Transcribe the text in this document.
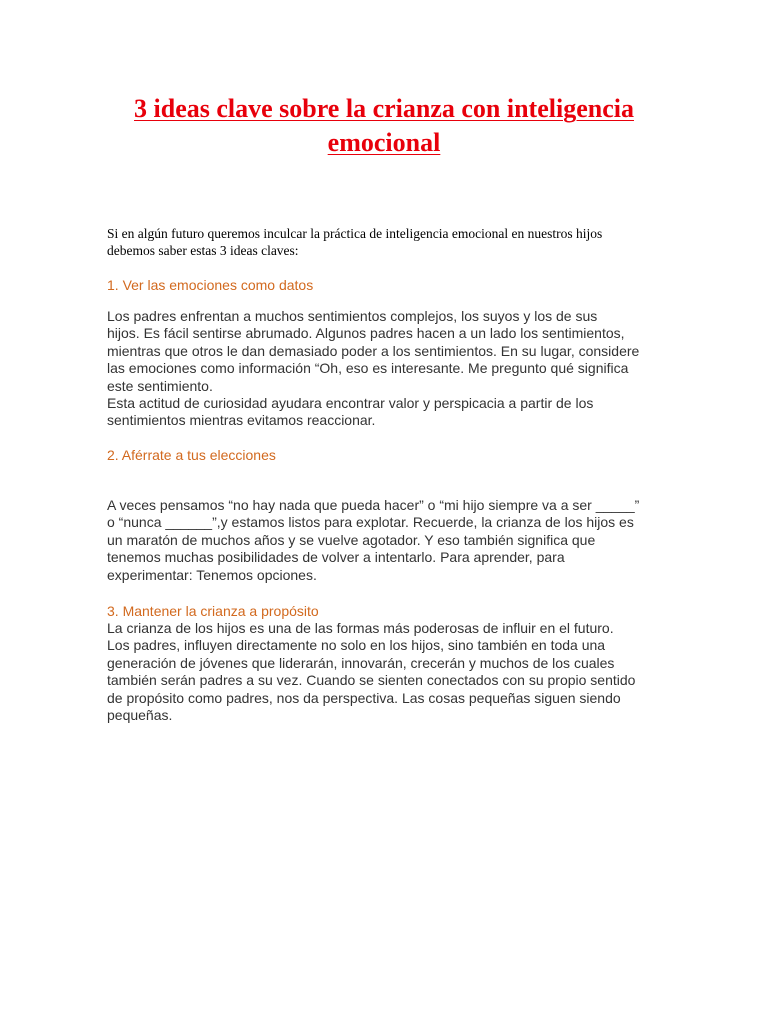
3 ideas clave sobre la crianza con inteligencia emocional

Si en algún futuro queremos inculcar la práctica de inteligencia emocional en nuestros hijos
debemos saber estas 3 ideas claves:

1. Ver las emociones como datos
Los padres enfrentan a muchos sentimientos complejos, los suyos y los de sus
hijos. Es fácil sentirse abrumado. Algunos padres hacen a un lado los sentimientos,
mientras que otros le dan demasiado poder a los sentimientos. En su lugar, considere
las emociones como información “Oh, eso es interesante. Me pregunto qué significa
este sentimiento.
Esta actitud de curiosidad ayudara encontrar valor y perspicacia a partir de los
sentimientos mientras evitamos reaccionar.
2. Aférrate a tus elecciones
A veces pensamos “no hay nada que pueda hacer” o “mi hijo siempre va a ser _____”
o “nunca ______”,y estamos listos para explotar. Recuerde, la crianza de los hijos es
un maratón de muchos años y se vuelve agotador. Y eso también significa que
tenemos muchas posibilidades de volver a intentarlo. Para aprender, para
experimentar: Tenemos opciones.
3. Mantener la crianza a propósito
La crianza de los hijos es una de las formas más poderosas de influir en el futuro.
Los padres, influyen directamente no solo en los hijos, sino también en toda una
generación de jóvenes que liderarán, innovarán, crecerán y muchos de los cuales
también serán padres a su vez. Cuando se sienten conectados con su propio sentido
de propósito como padres, nos da perspectiva. Las cosas pequeñas siguen siendo
pequeñas.
